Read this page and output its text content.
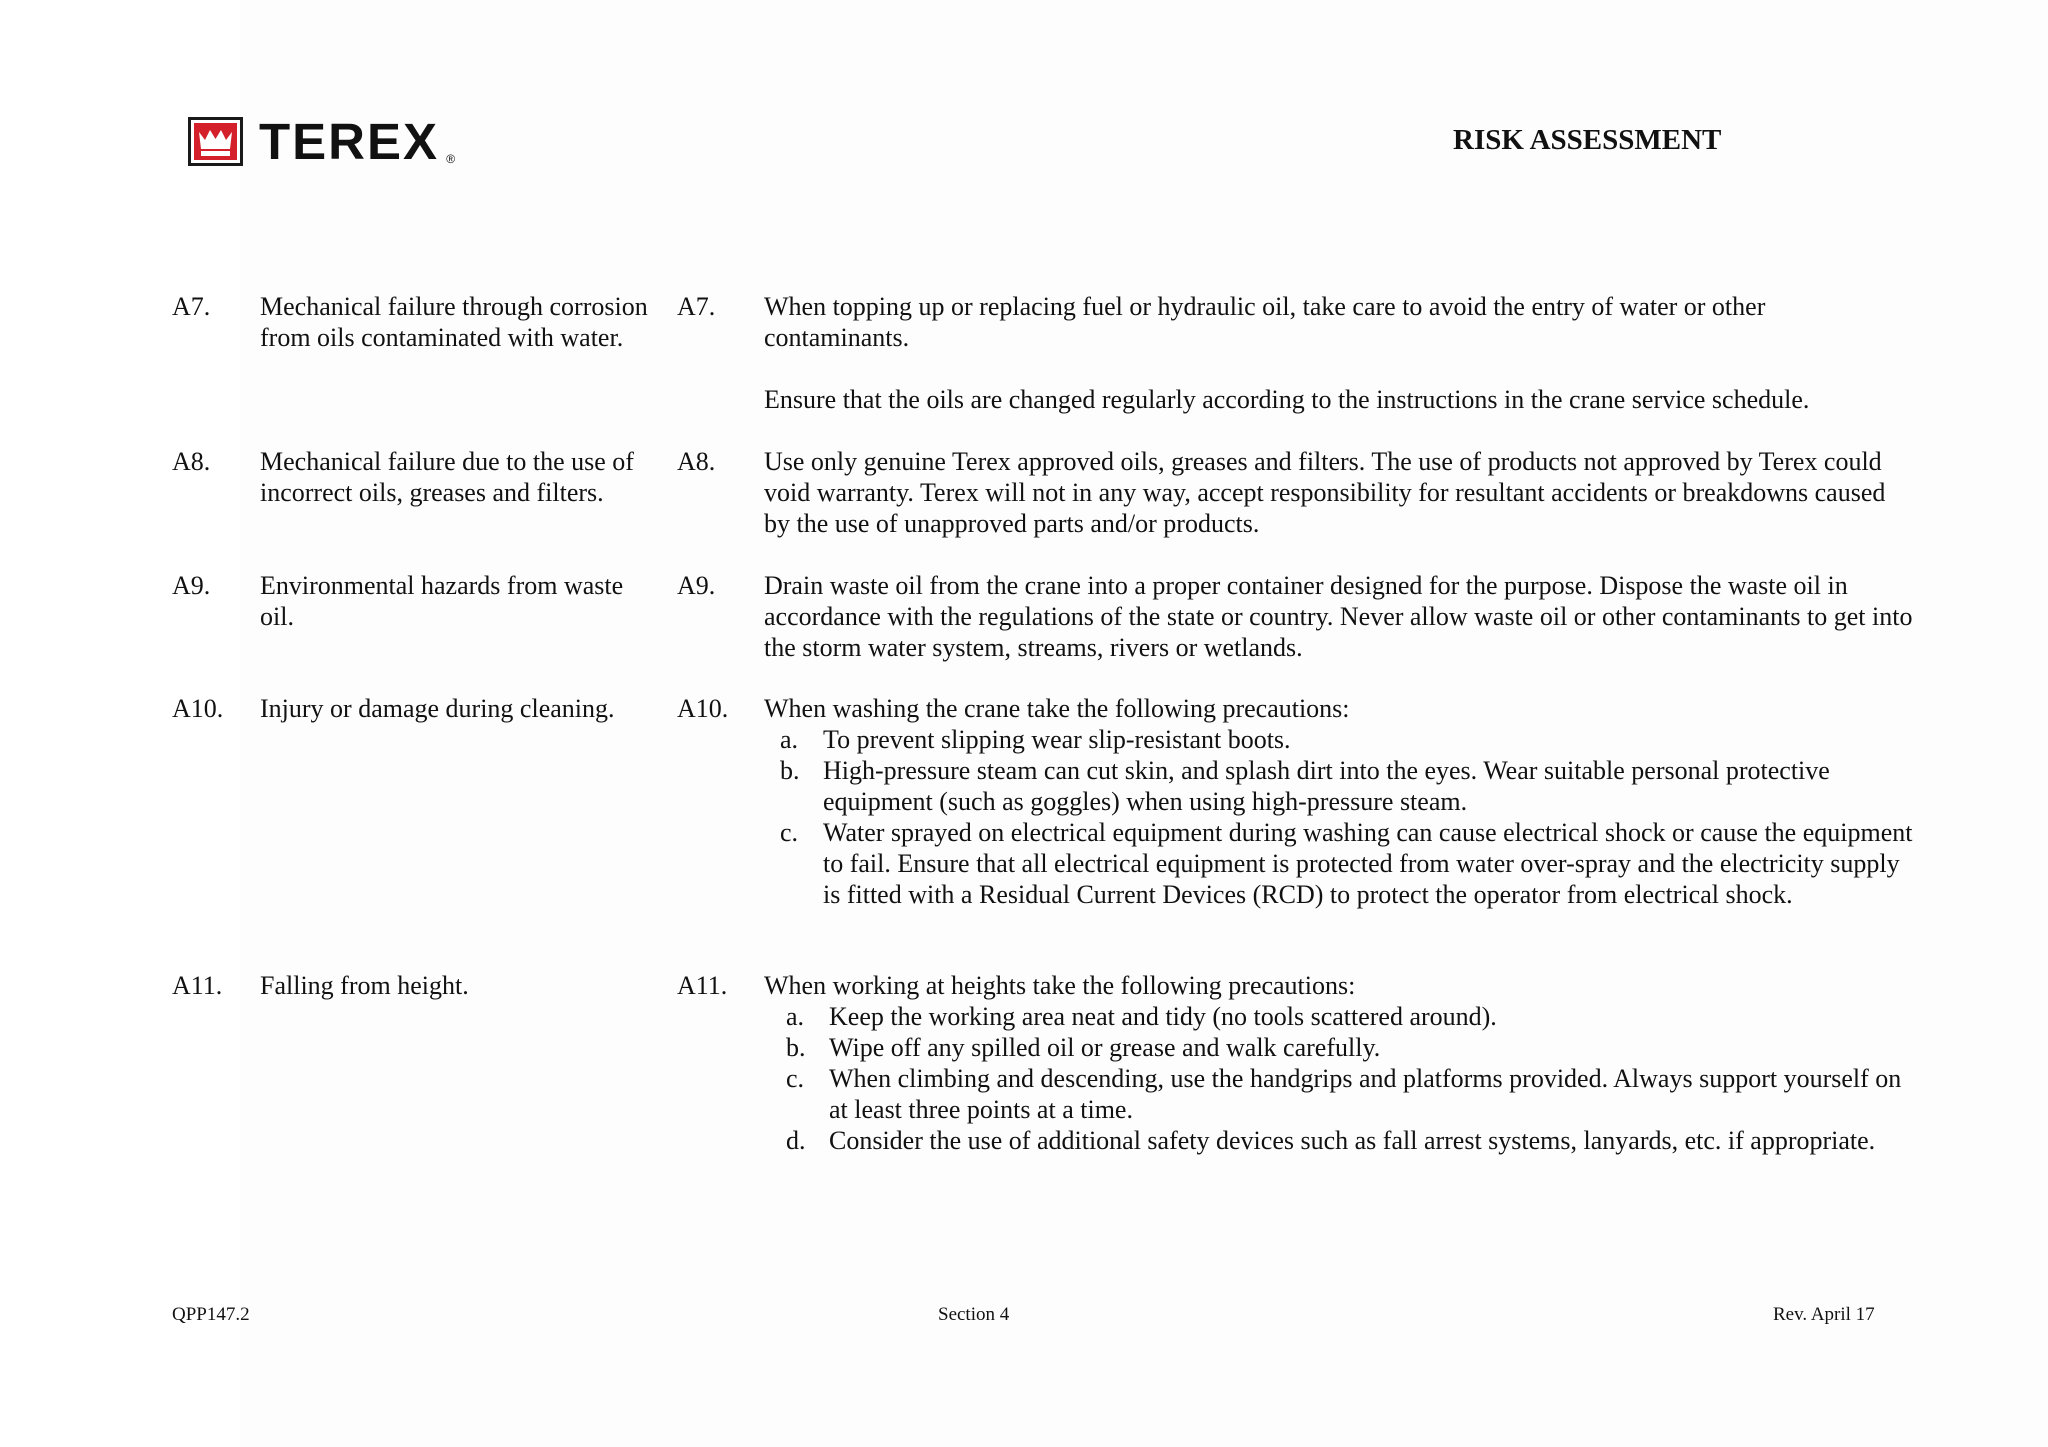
TEREX ®
RISK ASSESSMENT
A7. Mechanical failure through corrosion from oils contaminated with water.
A7. When topping up or replacing fuel or hydraulic oil, take care to avoid the entry of water or other contaminants.

Ensure that the oils are changed regularly according to the instructions in the crane service schedule.

A8. Mechanical failure due to the use of incorrect oils, greases and filters.
A8. Use only genuine Terex approved oils, greases and filters. The use of products not approved by Terex could void warranty. Terex will not in any way, accept responsibility for resultant accidents or breakdowns caused by the use of unapproved parts and/or products.

A9. Environmental hazards from waste oil.
A9. Drain waste oil from the crane into a proper container designed for the purpose. Dispose the waste oil in accordance with the regulations of the state or country. Never allow waste oil or other contaminants to get into the storm water system, streams, rivers or wetlands.

A10. Injury or damage during cleaning.	A10. When washing the crane take the following precautions:

a. To prevent slipping wear slip-resistant boots.
b. High-pressure steam can cut skin, and splash dirt into the eyes. Wear suitable personal protective equipment (such as goggles) when using high-pressure steam.
c. Water sprayed on electrical equipment during washing can cause electrical shock or cause the equipment to fail. Ensure that all electrical equipment is protected from water over-spray and the electricity supply is fitted with a Residual Current Devices (RCD) to protect the operator from electrical shock.
A11. Falling from height.	A11. When working at heights take the following precautions:

a. Keep the working area neat and tidy (no tools scattered around).
b. Wipe off any spilled oil or grease and walk carefully.
c. When climbing and descending, use the handgrips and platforms provided. Always support yourself on at least three points at a time.
d. Consider the use of additional safety devices such as fall arrest systems, lanyards, etc. if appropriate.
QPP147.2	Section 4	Rev. April 17
